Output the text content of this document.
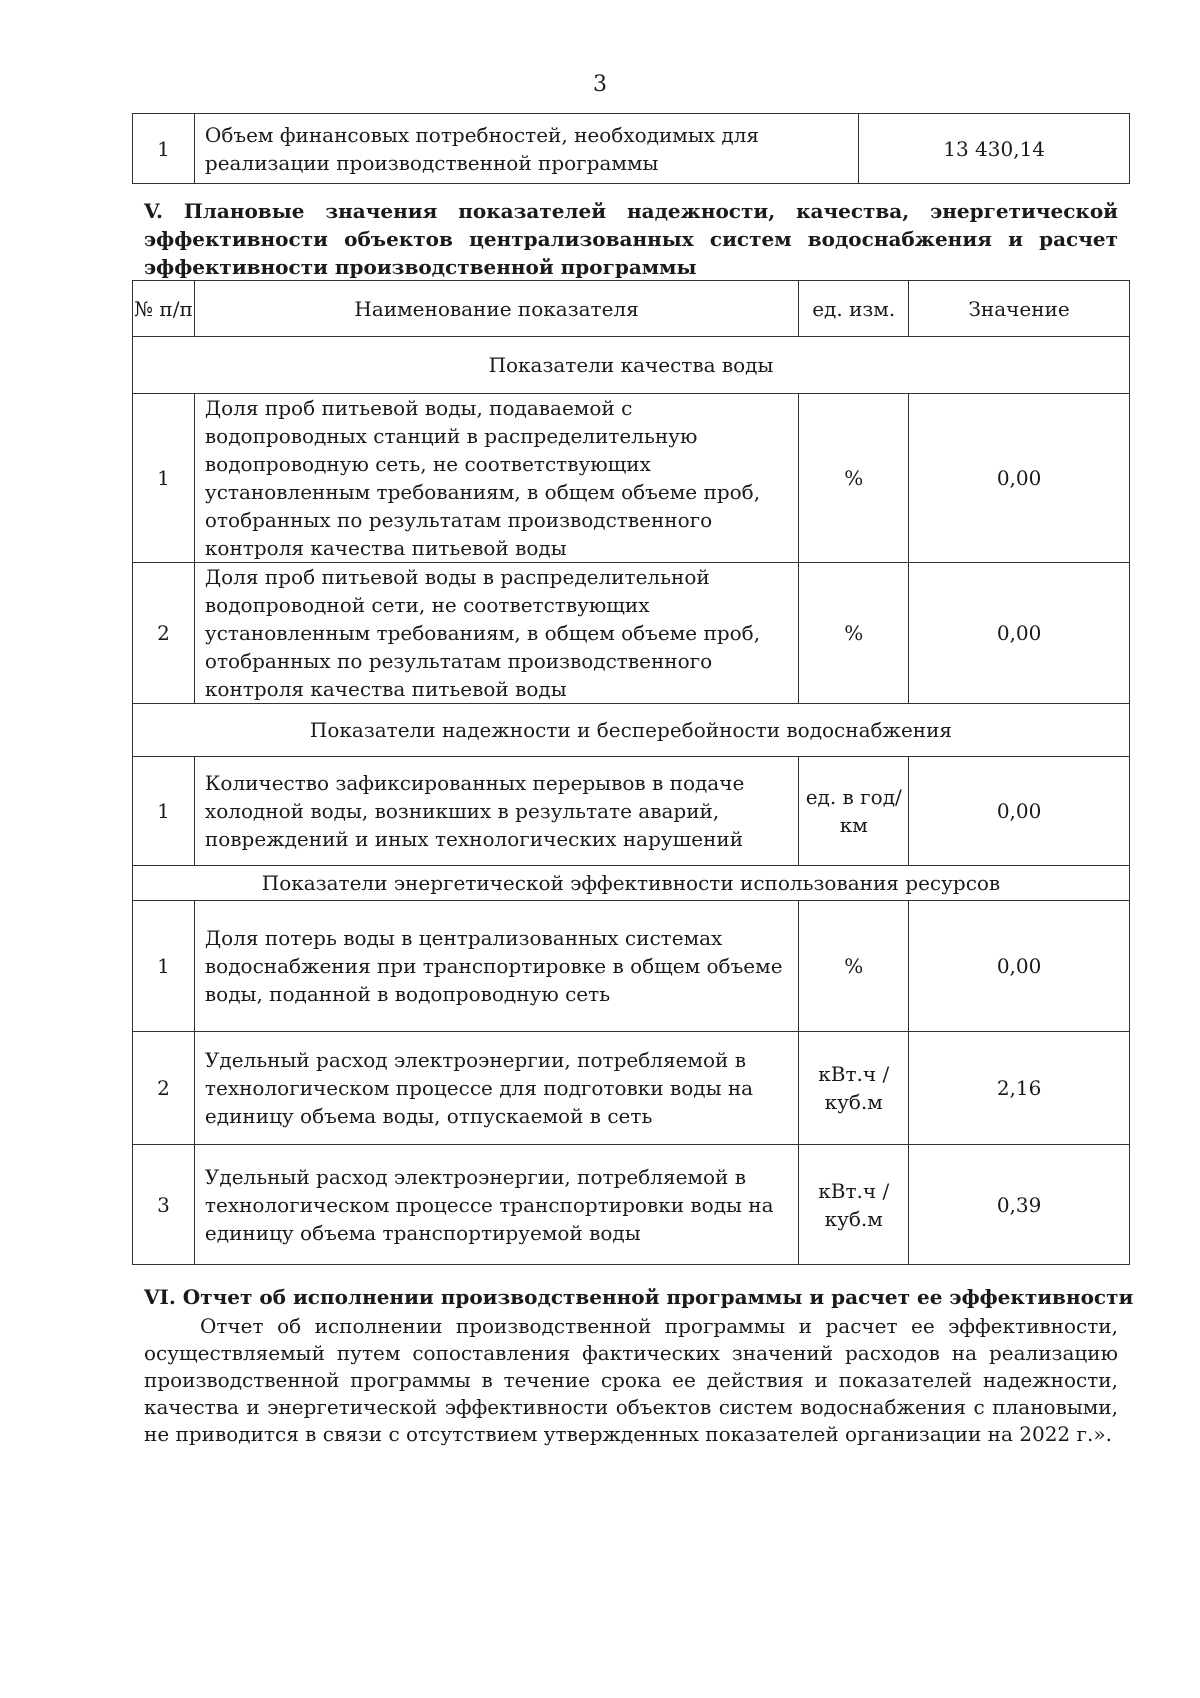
3
1	Объем финансовых потребностей, необходимых для реализации производственной программы	13 430,14
V. Плановые значения показателей надежности, качества, энергетической эффективности объектов централизованных систем водоснабжения и расчет эффективности производственной программы
№ п/п	Наименование показателя	ед. изм.	Значение
Показатели качества воды			
1	Доля проб питьевой воды, подаваемой с водопроводных станций в распределительную водопроводную сеть, не соответствующих установленным требованиям, в общем объеме проб, отобранных по результатам производственного контроля качества питьевой воды	%	0,00
2	Доля проб питьевой воды в распределительной водопроводной сети, не соответствующих установленным требованиям, в общем объеме проб, отобранных по результатам производственного контроля качества питьевой воды	%	0,00
Показатели надежности и бесперебойности водоснабжения			
1	Количество зафиксированных перерывов в подаче холодной воды, возникших в результате аварий, повреждений и иных технологических нарушений	ед. в год/ км	0,00
Показатели энергетической эффективности использования ресурсов			
1	Доля потерь воды в централизованных системах водоснабжения при транспортировке в общем объеме воды, поданной в водопроводную сеть	%	0,00
2	Удельный расход электроэнергии, потребляемой в технологическом процессе для подготовки воды на единицу объема воды, отпускаемой в сеть	кВт.ч / куб.м	2,16
3	Удельный расход электроэнергии, потребляемой в технологическом процессе транспортировки воды на единицу объема транспортируемой воды	кВт.ч / куб.м	0,39
VI. Отчет об исполнении производственной программы и расчет ее эффективности
Отчет об исполнении производственной программы и расчет ее эффективности, осуществляемый путем сопоставления фактических значений расходов на реализацию производственной программы в течение срока ее действия и показателей надежности, качества и энергетической эффективности объектов систем водоснабжения с плановыми, не приводится в связи с отсутствием утвержденных показателей организации на 2022 г.».
